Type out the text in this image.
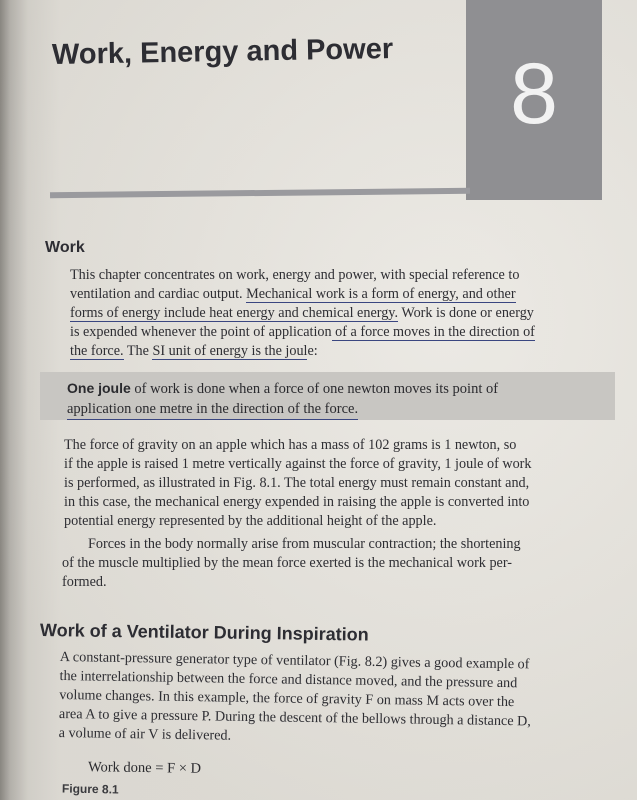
8
Work, Energy and Power
Work
This chapter concentrates on work, energy and power, with special reference to
ventilation and cardiac output. Mechanical work is a form of energy, and other
forms of energy include heat energy and chemical energy. Work is done or energy
is expended whenever the point of application of a force moves in the direction of
the force. The SI unit of energy is the joule:
One joule of work is done when a force of one newton moves its point of
application one metre in the direction of the force.
The force of gravity on an apple which has a mass of 102 grams is 1 newton, so
if the apple is raised 1 metre vertically against the force of gravity, 1 joule of work
is performed, as illustrated in Fig. 8.1. The total energy must remain constant and,
in this case, the mechanical energy expended in raising the apple is converted into
potential energy represented by the additional height of the apple.
Forces in the body normally arise from muscular contraction; the shortening
of the muscle multiplied by the mean force exerted is the mechanical work per-
formed.
Work of a Ventilator During Inspiration
A constant-pressure generator type of ventilator (Fig. 8.2) gives a good example of
the interrelationship between the force and distance moved, and the pressure and
volume changes. In this example, the force of gravity F on mass M acts over the
area A to give a pressure P. During the descent of the bellows through a distance D,
a volume of air V is delivered.
Work done = F × D
Figure 8.1
